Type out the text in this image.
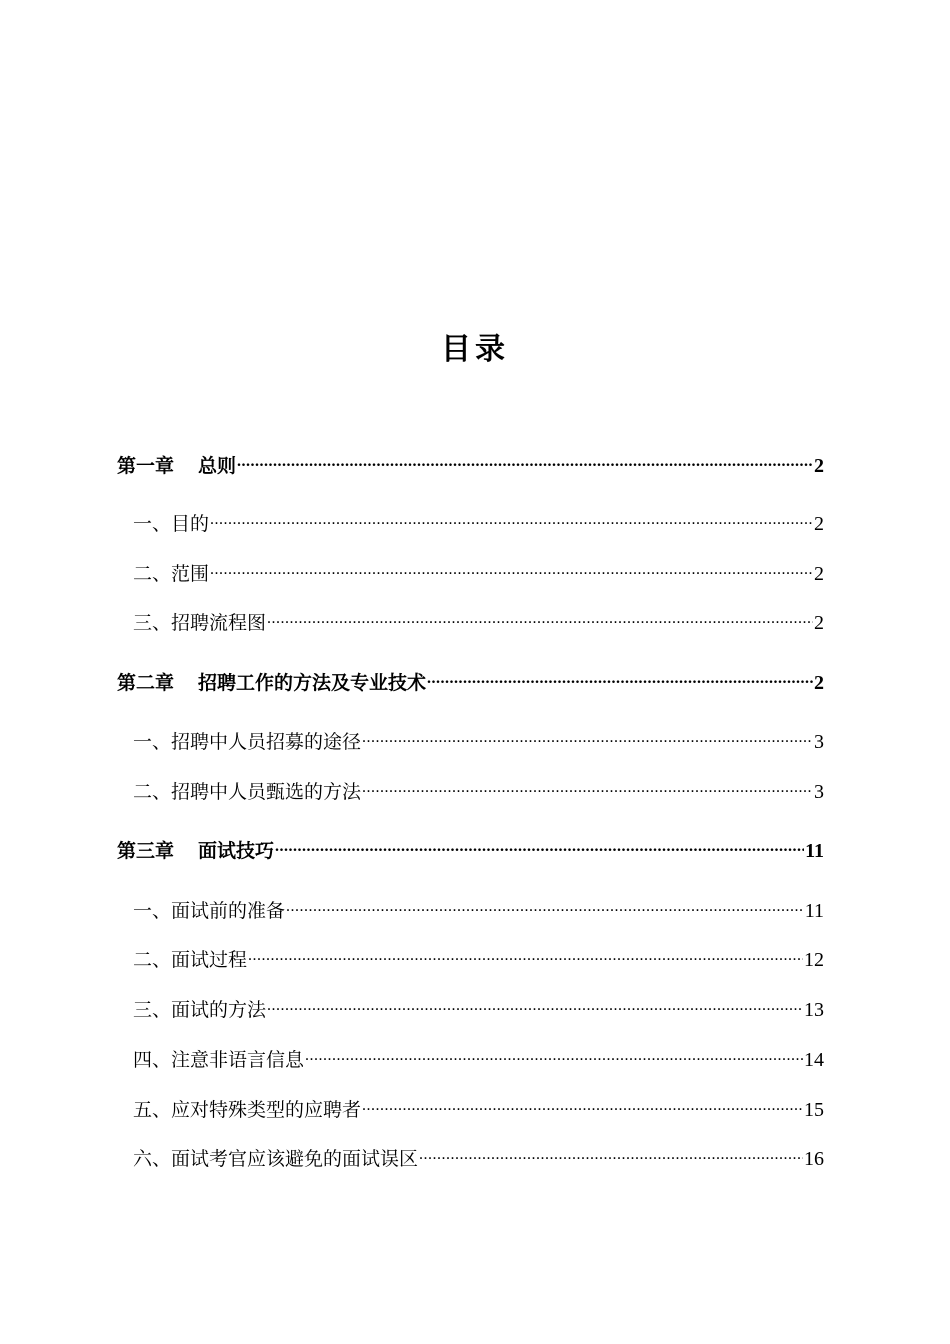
目录
第一章 总则 .....	2
一、目的 .....	2
二、范围 .....	2
三、招聘流程图 .....	2
第二章 招聘工作的方法及专业技术 .....	2
一、招聘中人员招募的途径 .....	3
二、招聘中人员甄选的方法 .....	3
第三章 面试技巧 .....	11
一、面试前的准备 .....	11
二、面试过程 .....	12
三、面试的方法 .....	13
四、注意非语言信息 .....	14
五、应对特殊类型的应聘者 .....	15
六、面试考官应该避免的面试误区 .....	16
